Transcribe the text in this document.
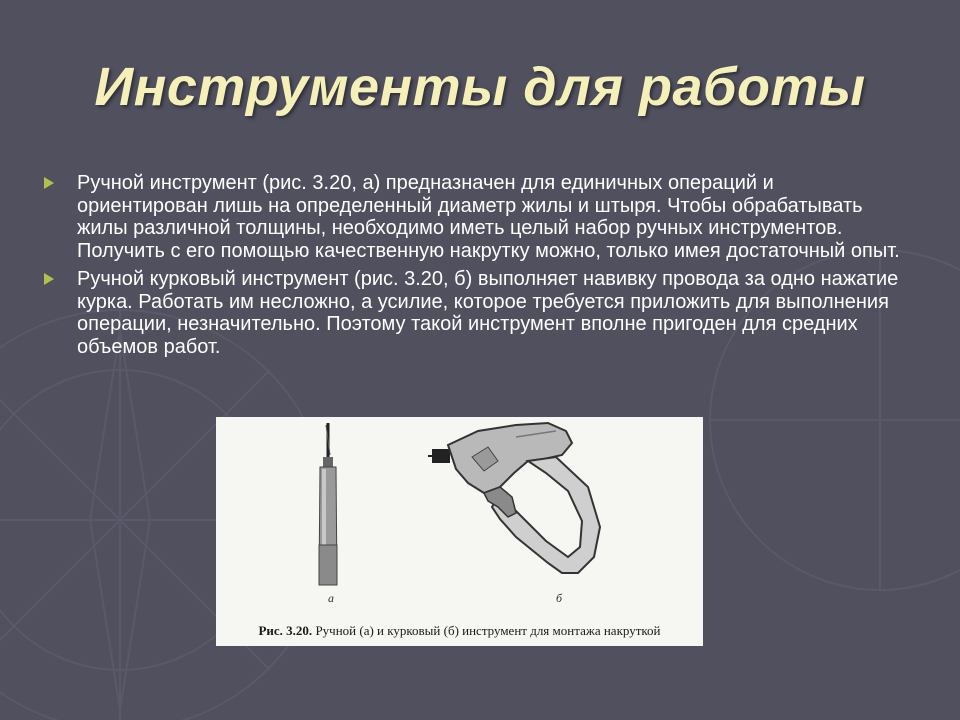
Инструменты для работы
Ручной инструмент (рис. 3.20, а) предназначен для единичных операций и ориентирован лишь на определенный диаметр жилы и штыря. Чтобы обрабатывать жилы различной толщины, необходимо иметь целый набор ручных инструментов. Получить с его помощью качественную накрутку можно, только имея достаточный опыт.
Ручной курковый инструмент (рис. 3.20, б) выполняет навивку провода за одно нажатие курка. Работать им несложно, а усилие, которое требуется приложить для выполнения операции, незначительно. Поэтому такой инструмент вполне пригоден для средних объемов работ.
а	б
Рис. 3.20. Ручной (а) и курковый (б) инструмент для монтажа накруткой
